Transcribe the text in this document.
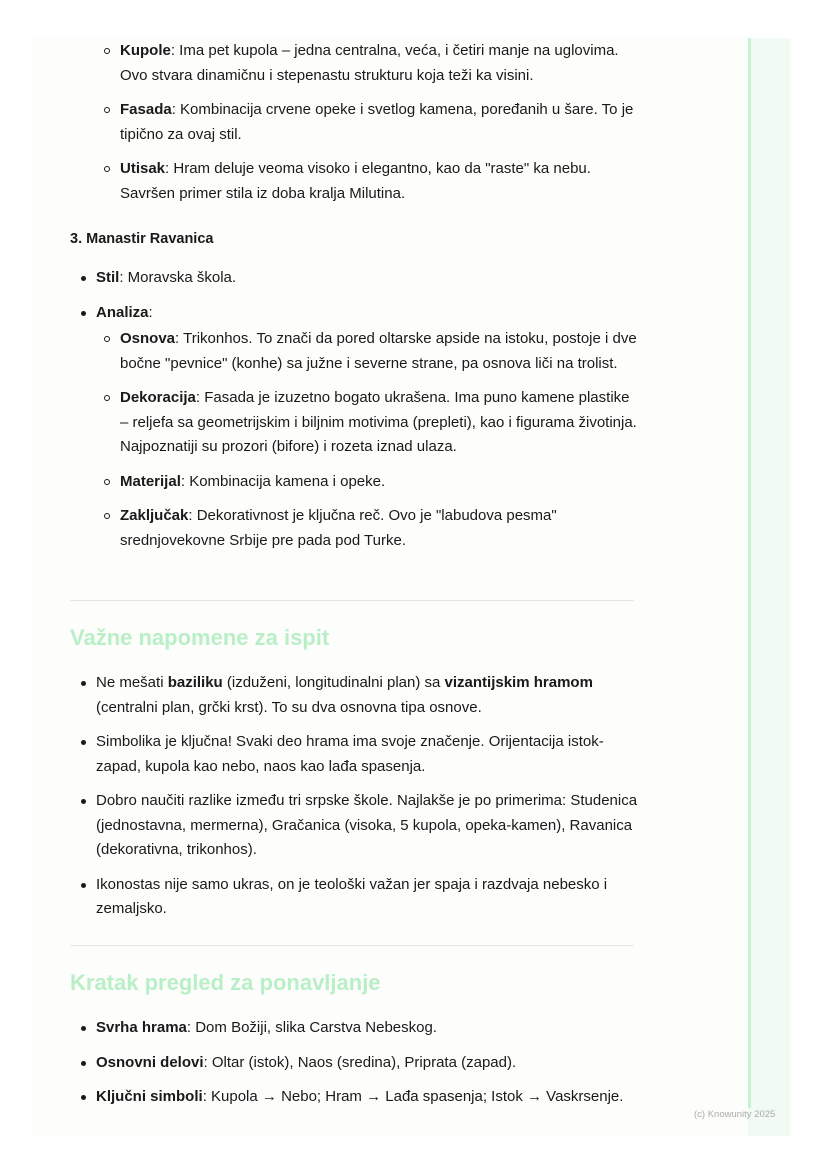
Kupole: Ima pet kupola – jedna centralna, veća, i četiri manje na uglovima. Ovo stvara dinamičnu i stepenastu strukturu koja teži ka visini.
Fasada: Kombinacija crvene opeke i svetlog kamena, poređanih u šare. To je tipično za ovaj stil.
Utisak: Hram deluje veoma visoko i elegantno, kao da "raste" ka nebu. Savršen primer stila iz doba kralja Milutina.
3. Manastir Ravanica
Stil: Moravska škola.
Analiza:
Osnova: Trikonhos. To znači da pored oltarske apside na istoku, postoje i dve bočne "pevnice" (konhe) sa južne i severne strane, pa osnova liči na trolist.
Dekoracija: Fasada je izuzetno bogato ukrašena. Ima puno kamene plastike – reljefa sa geometrijskim i biljnim motivima (prepleti), kao i figurama životinja. Najpoznatiji su prozori (bifore) i rozeta iznad ulaza.
Materijal: Kombinacija kamena i opeke.
Zaključak: Dekorativnost je ključna reč. Ovo je "labudova pesma" srednjovekovne Srbije pre pada pod Turke.
Važne napomene za ispit
Ne mešati baziliku (izduženi, longitudinalni plan) sa vizantijskim hramom (centralni plan, grčki krst). To su dva osnovna tipa osnove.
Simbolika je ključna! Svaki deo hrama ima svoje značenje. Orijentacija istok-zapad, kupola kao nebo, naos kao lađa spasenja.
Dobro naučiti razlike između tri srpske škole. Najlakše je po primerima: Studenica (jednostavna, mermerna), Gračanica (visoka, 5 kupola, opeka-kamen), Ravanica (dekorativna, trikonhos).
Ikonostas nije samo ukras, on je teološki važan jer spaja i razdvaja nebesko i zemaljsko.
Kratak pregled za ponavljanje
Svrha hrama: Dom Božiji, slika Carstva Nebeskog.
Osnovni delovi: Oltar (istok), Naos (sredina), Priprata (zapad).
Ključni simboli: Kupola → Nebo; Hram → Lađa spasenja; Istok → Vaskrsenje.
(c) Knowunity 2025
